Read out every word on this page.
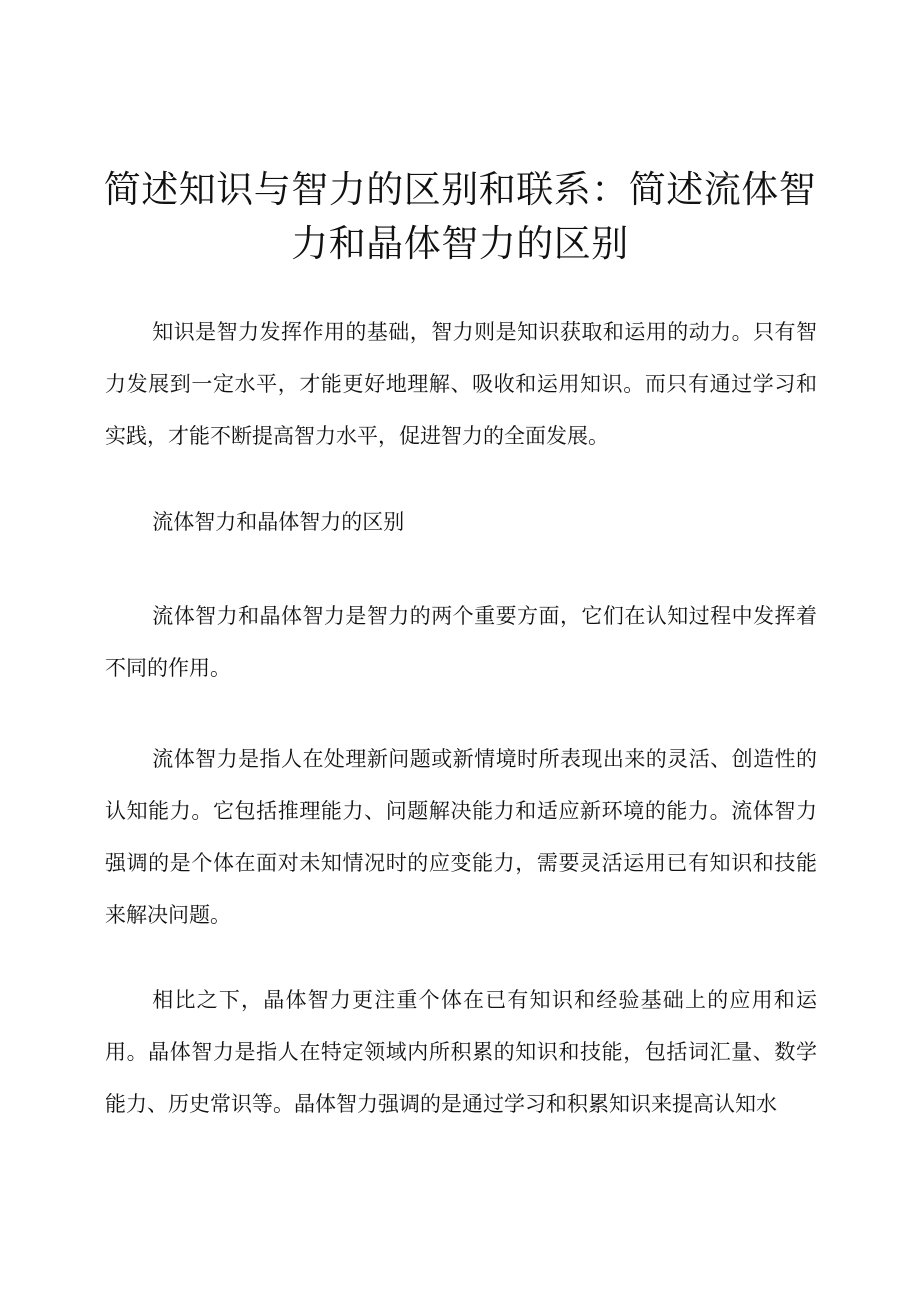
简述知识与智力的区别和联系：简述流体智力和晶体智力的区别

知识是智力发挥作用的基础，智力则是知识获取和运用的动力。只有智力发展到一定水平，才能更好地理解、吸收和运用知识。而只有通过学习和实践，才能不断提高智力水平，促进智力的全面发展。

流体智力和晶体智力的区别

流体智力和晶体智力是智力的两个重要方面，它们在认知过程中发挥着不同的作用。

流体智力是指人在处理新问题或新情境时所表现出来的灵活、创造性的认知能力。它包括推理能力、问题解决能力和适应新环境的能力。流体智力强调的是个体在面对未知情况时的应变能力，需要灵活运用已有知识和技能来解决问题。

相比之下，晶体智力更注重个体在已有知识和经验基础上的应用和运用。晶体智力是指人在特定领域内所积累的知识和技能，包括词汇量、数学能力、历史常识等。晶体智力强调的是通过学习和积累知识来提高认知水
